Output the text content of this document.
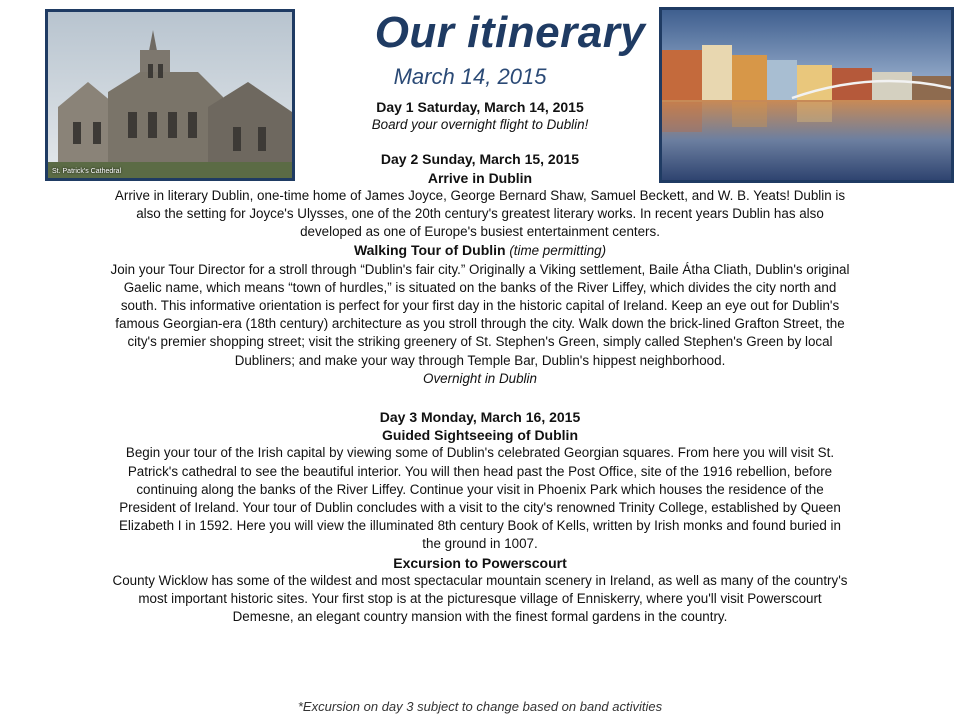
Our itinerary
March 14, 2015
St. Patrick's Cathedral

Day 1 Saturday, March 14, 2015

Board your overnight flight to Dublin!

Day 2 Sunday, March 15, 2015

Arrive in Dublin

Arrive in literary Dublin, one-time home of James Joyce, George Bernard Shaw, Samuel Beckett, and W. B. Yeats! Dublin is also the setting for Joyce's Ulysses, one of the 20th century's greatest literary works. In recent years Dublin has also developed as one of Europe's busiest entertainment centers.

Walking Tour of Dublin (time permitting)

Join your Tour Director for a stroll through “Dublin's fair city.” Originally a Viking settlement, Baile Átha Cliath, Dublin's original Gaelic name, which means “town of hurdles,” is situated on the banks of the River Liffey, which divides the city north and south. This informative orientation is perfect for your first day in the historic capital of Ireland. Keep an eye out for Dublin's famous Georgian-era (18th century) architecture as you stroll through the city. Walk down the brick-lined Grafton Street, the city's premier shopping street; visit the striking greenery of St. Stephen's Green, simply called Stephen's Green by local Dubliners; and make your way through Temple Bar, Dublin's hippest neighborhood.

Overnight in Dublin

Day 3 Monday, March 16, 2015

Guided Sightseeing of Dublin

Begin your tour of the Irish capital by viewing some of Dublin's celebrated Georgian squares. From here you will visit St. Patrick's cathedral to see the beautiful interior. You will then head past the Post Office, site of the 1916 rebellion, before continuing along the banks of the River Liffey. Continue your visit in Phoenix Park which houses the residence of the President of Ireland. Your tour of Dublin concludes with a visit to the city's renowned Trinity College, established by Queen Elizabeth I in 1592. Here you will view the illuminated 8th century Book of Kells, written by Irish monks and found buried in the ground in 1007.

Excursion to Powerscourt

County Wicklow has some of the wildest and most spectacular mountain scenery in Ireland, as well as many of the country's most important historic sites. Your first stop is at the picturesque village of Enniskerry, where you'll visit Powerscourt Demesne, an elegant country mansion with the finest formal gardens in the country.

*Excursion on day 3 subject to change based on band activities
